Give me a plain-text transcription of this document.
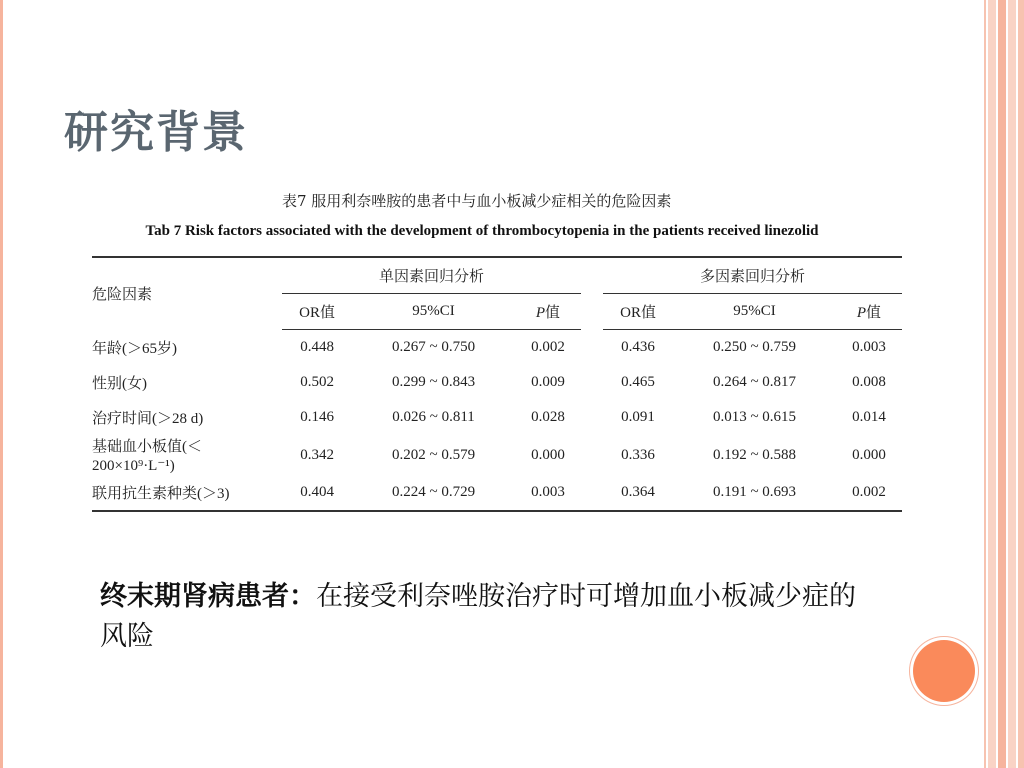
研究背景
表7 服用利奈唑胺的患者中与血小板减少症相关的危险因素
Tab 7 Risk factors associated with the development of thrombocytopenia in the patients received linezolid
危险因素	单因素回归分析				多因素回归分析		
	OR值	95%CI	P值		OR值	95%CI	P值
年龄(＞65岁)	0.448	0.267 ~ 0.750	0.002		0.436	0.250 ~ 0.759	0.003
性别(女)	0.502	0.299 ~ 0.843	0.009		0.465	0.264 ~ 0.817	0.008
治疗时间(＞28 d)	0.146	0.026 ~ 0.811	0.028		0.091	0.013 ~ 0.615	0.014
基础血小板值(＜200×10⁹·L⁻¹)	0.342	0.202 ~ 0.579	0.000		0.336	0.192 ~ 0.588	0.000
联用抗生素种类(＞3)	0.404	0.224 ~ 0.729	0.003		0.364	0.191 ~ 0.693	0.002
终末期肾病患者：在接受利奈唑胺治疗时可增加血小板减少症的风险
